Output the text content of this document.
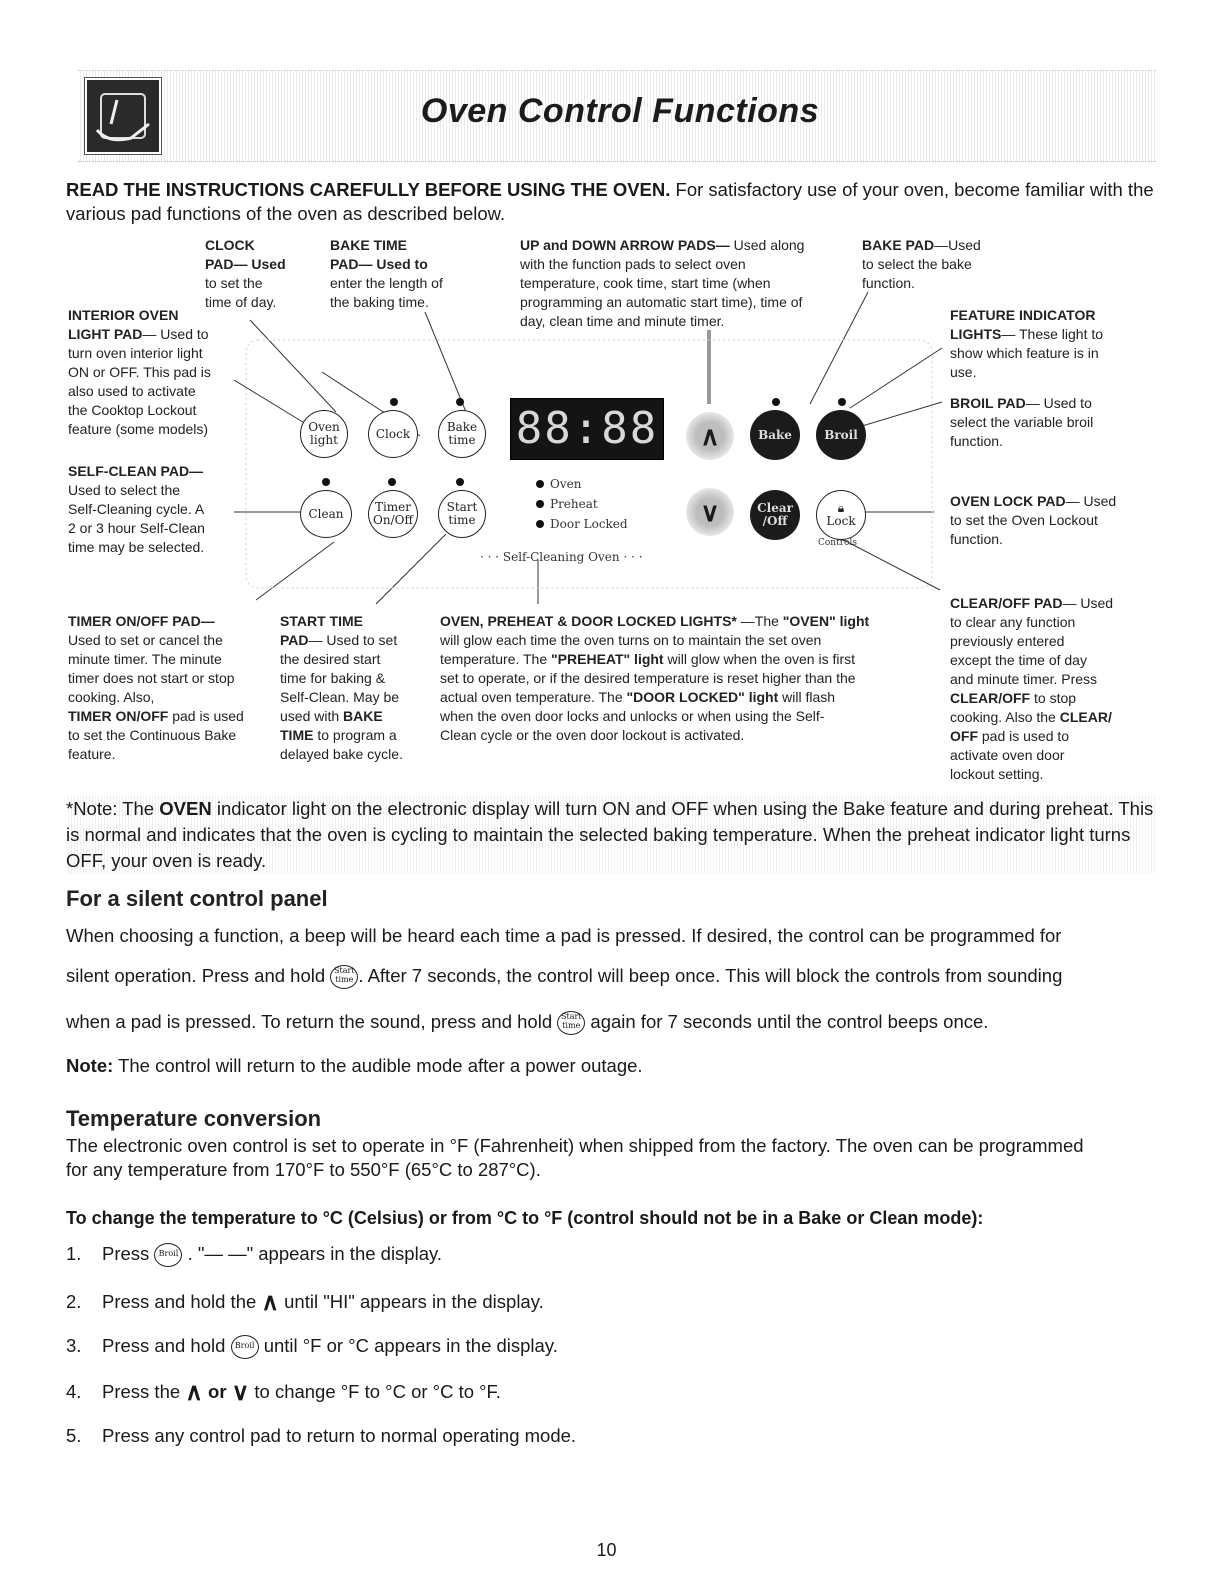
Oven Control Functions
READ THE INSTRUCTIONS CAREFULLY BEFORE USING THE OVEN. For satisfactory use of your oven, become familiar with the various pad functions of the oven as described below.
CLOCK
PAD— Used
to set the
time of day.
BAKE TIME
PAD— Used to
enter the length of
the baking time.
UP and DOWN ARROW PADS— Used along
with the function pads to select oven
temperature, cook time, start time (when
programming an automatic start time), time of
day, clean time and minute timer.
BAKE PAD—Used
to select the bake
function.
INTERIOR OVEN
LIGHT PAD— Used to
turn oven interior light
ON or OFF. This pad is
also used to activate
the Cooktop Lockout
feature (some models)
FEATURE INDICATOR
LIGHTS— These light to
show which feature is in
use.
BROIL PAD— Used to
select the variable broil
function.
SELF-CLEAN PAD—
Used to select the
Self-Cleaning cycle. A
2 or 3 hour Self-Clean
time may be selected.
OVEN LOCK PAD— Used
to set the Oven Lockout
function.
TIMER ON/OFF PAD—
Used to set or cancel the
minute timer. The minute
timer does not start or stop
cooking. Also,
TIMER ON/OFF pad is used
to set the Continuous Bake
feature.
START TIME
PAD— Used to set
the desired start
time for baking &
Self-Clean. May be
used with BAKE
TIME to program a
delayed bake cycle.
OVEN, PREHEAT & DOOR LOCKED LIGHTS* —The "OVEN" light
will glow each time the oven turns on to maintain the set oven
temperature. The "PREHEAT" light will glow when the oven is first
set to operate, or if the desired temperature is reset higher than the
actual oven temperature. The "DOOR LOCKED" light will flash
when the oven door locks and unlocks or when using the Self-
Clean cycle or the oven door lockout is activated.
CLEAR/OFF PAD— Used
to clear any function
previously entered
except the time of day
and minute timer. Press
CLEAR/OFF to stop
cooking. Also the CLEAR/
OFF pad is used to
activate oven door
lockout setting.
Oven
light	Clock	Bake
time
Clean	Timer
On/Off
Start
time
88:88
Oven
Preheat
Door Locked
· · · Self-Cleaning Oven · · ·
∧
∨
Bake	Broil
Clear
/Off
🔒︎
Lock
Controls
*Note: The OVEN indicator light on the electronic display will turn ON and OFF when using the Bake feature and during preheat. This is normal and indicates that the oven is cycling to maintain the selected baking temperature. When the preheat indicator light turns OFF, your oven is ready.
For a silent control panel
When choosing a function, a beep will be heard each time a pad is pressed. If desired, the control can be programmed for
silent operation. Press and hold Start
time . After 7 seconds, the control will beep once. This will block the controls from sounding
when a pad is pressed. To return the sound, press and hold Start
time again for 7 seconds until the control beeps once.
Note: The control will return to the audible mode after a power outage.
Temperature conversion
The electronic oven control is set to operate in °F (Fahrenheit) when shipped from the factory. The oven can be programmed
for any temperature from 170°F to 550°F (65°C to 287°C).
To change the temperature to °C (Celsius) or from °C to °F (control should not be in a Bake or Clean mode):
1. Press Broil . "— —" appears in the display.
2. Press and hold the ∧ until "HI" appears in the display.
3. Press and hold Broil until °F or °C appears in the display.
4. Press the ∧ or ∨ to change °F to °C or °C to °F.
5. Press any control pad to return to normal operating mode.
10
